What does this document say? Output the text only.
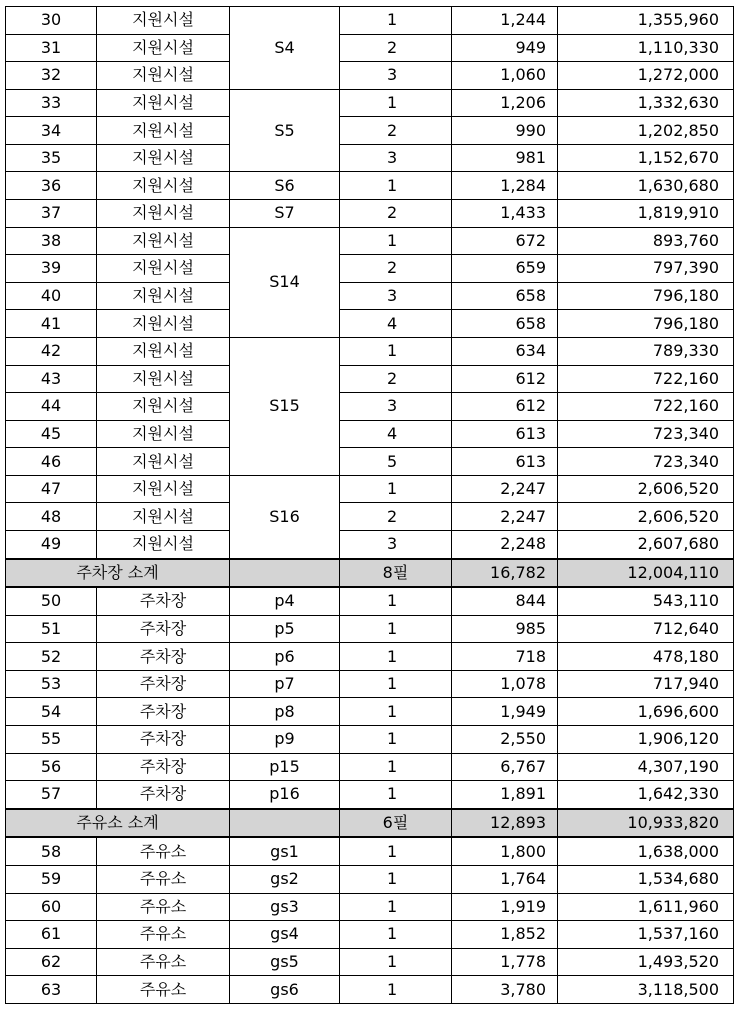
30	지원시설	S4	1	1,244	1,355,960
31	지원시설		2	949	1,110,330
32	지원시설		3	1,060	1,272,000
33	지원시설	S5	1	1,206	1,332,630
34	지원시설		2	990	1,202,850
35	지원시설		3	981	1,152,670
36	지원시설	S6	1	1,284	1,630,680
37	지원시설	S7	2	1,433	1,819,910
38	지원시설	S14	1	672	893,760
39	지원시설		2	659	797,390
40	지원시설		3	658	796,180
41	지원시설		4	658	796,180
42	지원시설	S15	1	634	789,330
43	지원시설		2	612	722,160
44	지원시설		3	612	722,160
45	지원시설		4	613	723,340
46	지원시설		5	613	723,340
47	지원시설	S16	1	2,247	2,606,520
48	지원시설		2	2,247	2,606,520
49	지원시설		3	2,248	2,607,680
주차장 소계			8필	16,782	12,004,110
50	주차장	p4	1	844	543,110
51	주차장	p5	1	985	712,640
52	주차장	p6	1	718	478,180
53	주차장	p7	1	1,078	717,940
54	주차장	p8	1	1,949	1,696,600
55	주차장	p9	1	2,550	1,906,120
56	주차장	p15	1	6,767	4,307,190
57	주차장	p16	1	1,891	1,642,330
주유소 소계			6필	12,893	10,933,820
58	주유소	gs1	1	1,800	1,638,000
59	주유소	gs2	1	1,764	1,534,680
60	주유소	gs3	1	1,919	1,611,960
61	주유소	gs4	1	1,852	1,537,160
62	주유소	gs5	1	1,778	1,493,520
63	주유소	gs6	1	3,780	3,118,500
